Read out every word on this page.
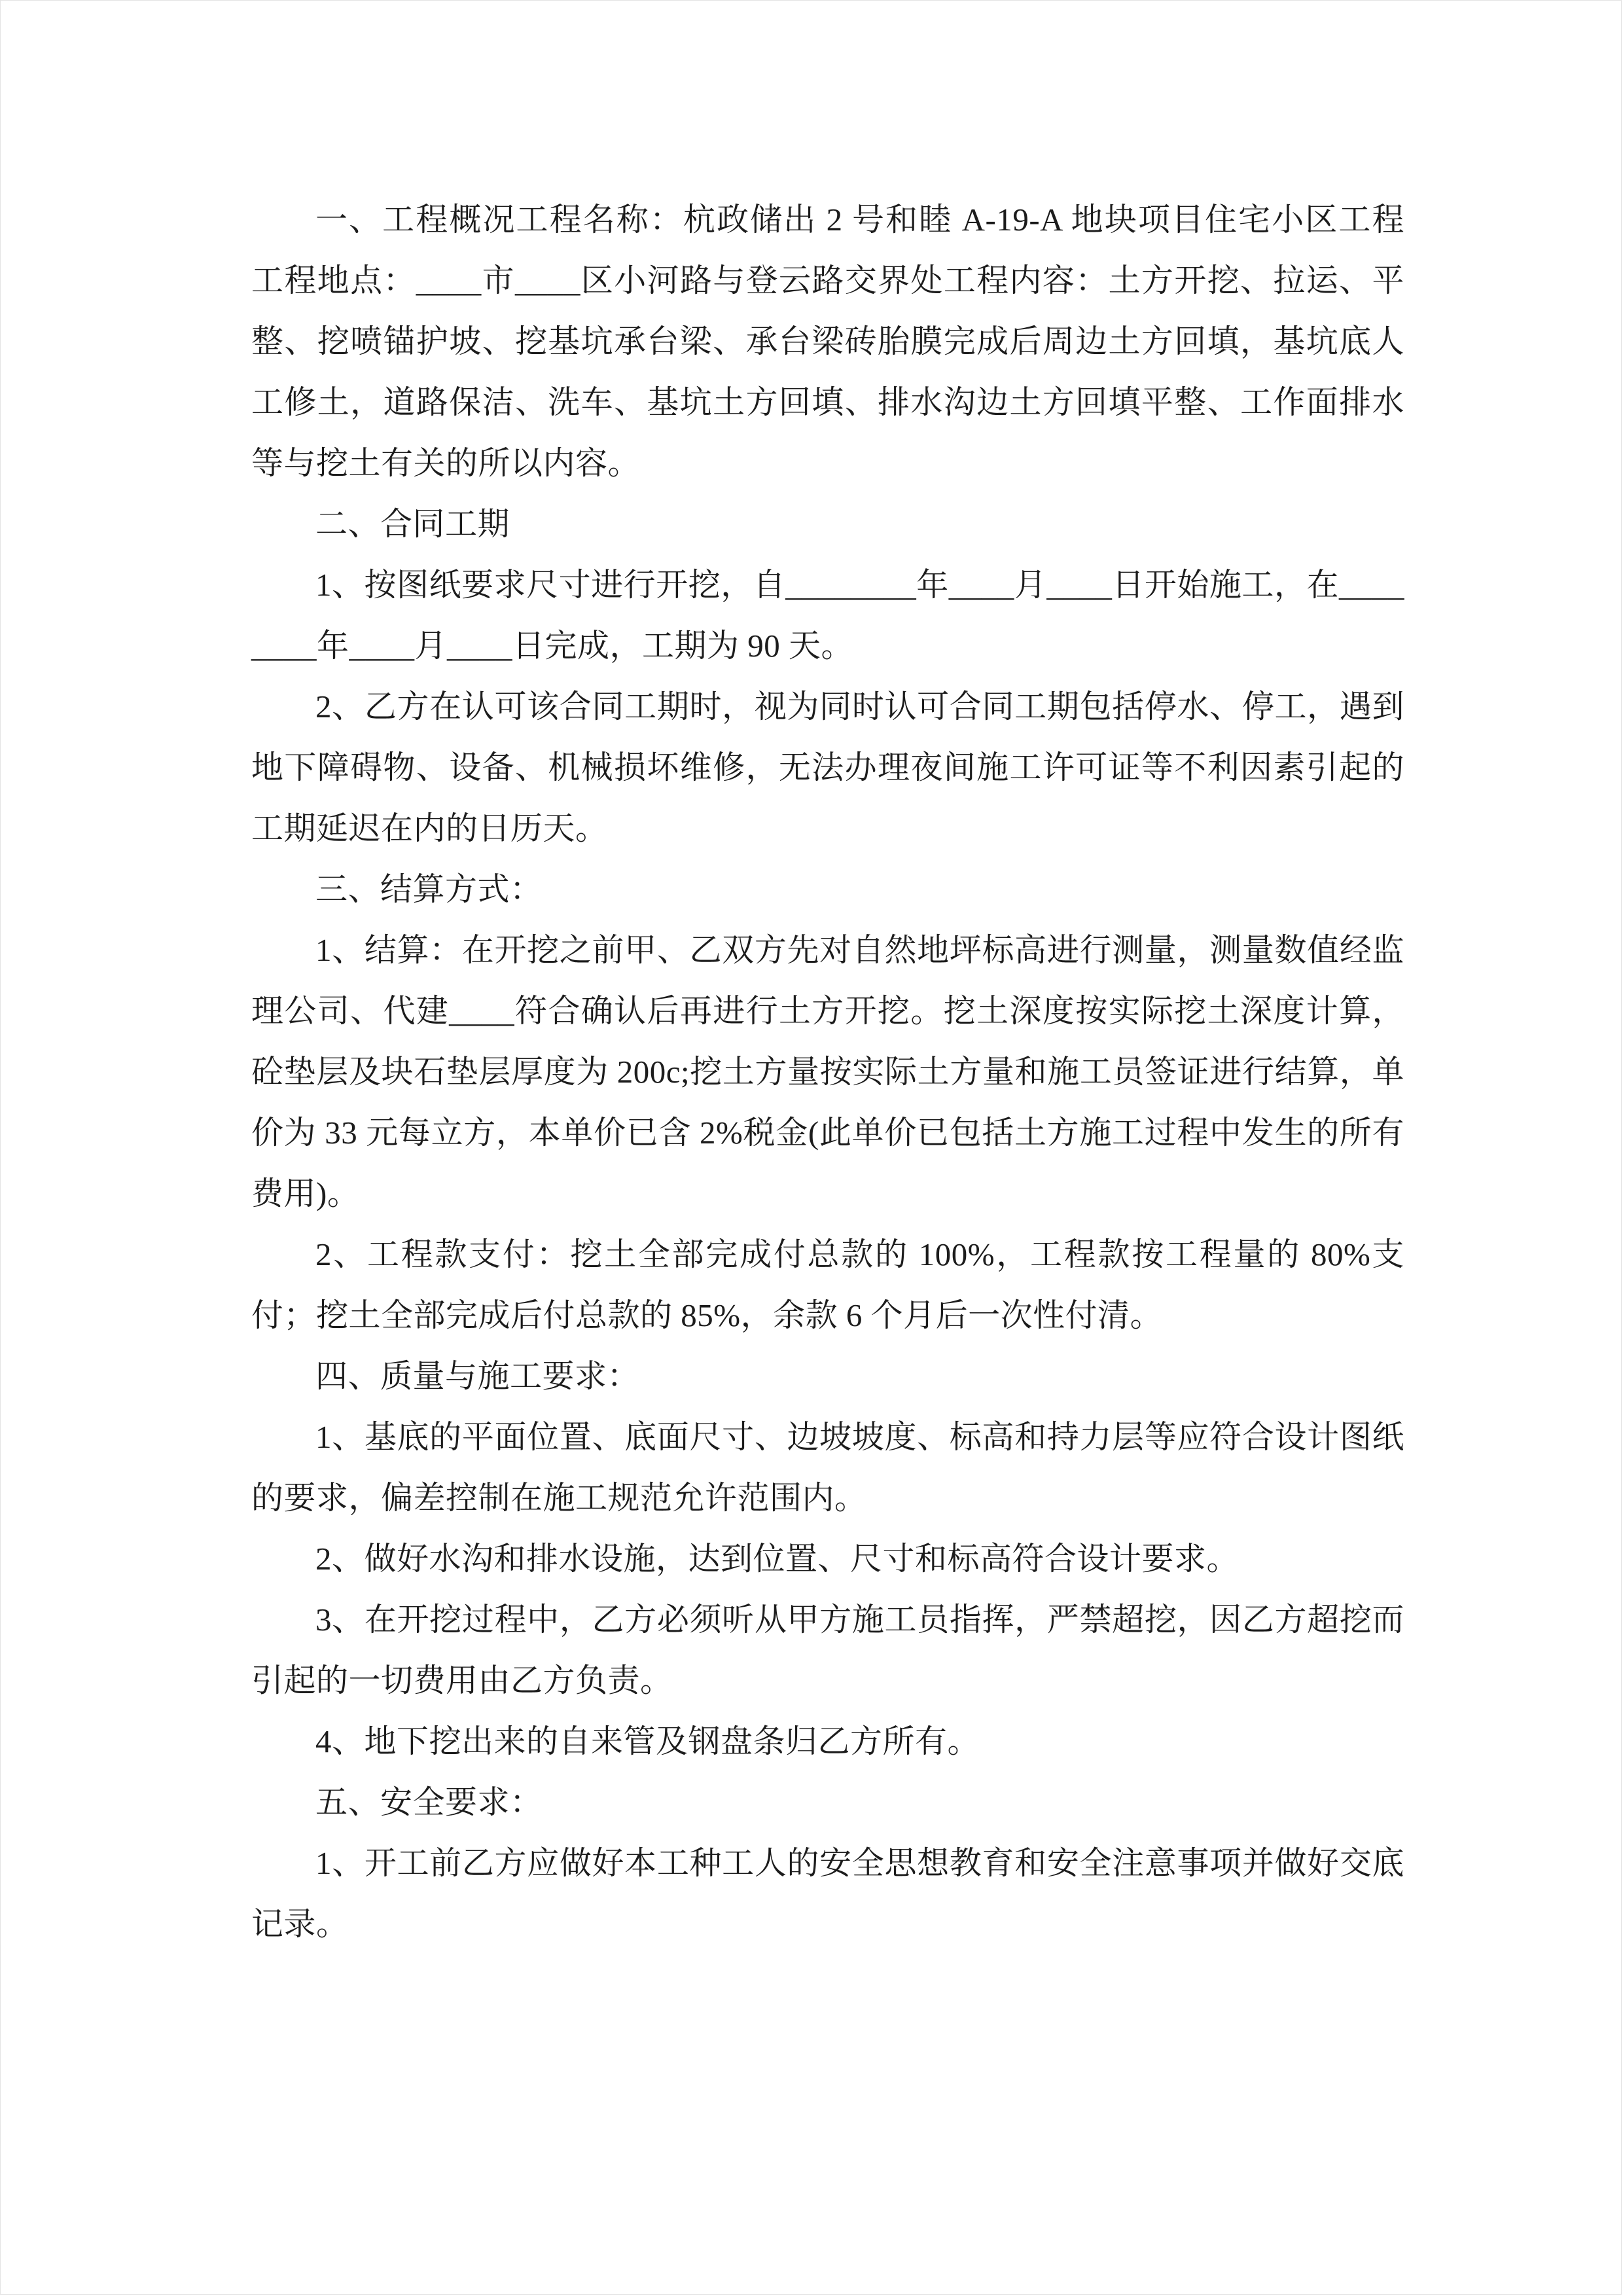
一、工程概况工程名称：杭政储出 2 号和睦 A-19-A 地块项目住宅小区工程工程地点：____市____区小河路与登云路交界处工程内容：土方开挖、拉运、平整、挖喷锚护坡、挖基坑承台梁、承台梁砖胎膜完成后周边土方回填，基坑底人工修土，道路保洁、洗车、基坑土方回填、排水沟边土方回填平整、工作面排水等与挖土有关的所以内容。

二、合同工期

1、按图纸要求尺寸进行开挖，自________年____月____日开始施工，在________年____月____日完成，工期为 90 天。

2、乙方在认可该合同工期时，视为同时认可合同工期包括停水、停工，遇到地下障碍物、设备、机械损坏维修，无法办理夜间施工许可证等不利因素引起的工期延迟在内的日历天。

三、结算方式：

1、结算：在开挖之前甲、乙双方先对自然地坪标高进行测量，测量数值经监理公司、代建____符合确认后再进行土方开挖。挖土深度按实际挖土深度计算，砼垫层及块石垫层厚度为 200c;挖土方量按实际土方量和施工员签证进行结算，单价为 33 元每立方，本单价已含 2%税金(此单价已包括土方施工过程中发生的所有费用)。

2、工程款支付：挖土全部完成付总款的 100%，工程款按工程量的 80%支付；挖土全部完成后付总款的 85%，余款 6 个月后一次性付清。

四、质量与施工要求：

1、基底的平面位置、底面尺寸、边坡坡度、标高和持力层等应符合设计图纸的要求，偏差控制在施工规范允许范围内。

2、做好水沟和排水设施，达到位置、尺寸和标高符合设计要求。

3、在开挖过程中，乙方必须听从甲方施工员指挥，严禁超挖，因乙方超挖而引起的一切费用由乙方负责。

4、地下挖出来的自来管及钢盘条归乙方所有。

五、安全要求：

1、开工前乙方应做好本工种工人的安全思想教育和安全注意事项并做好交底记录。
